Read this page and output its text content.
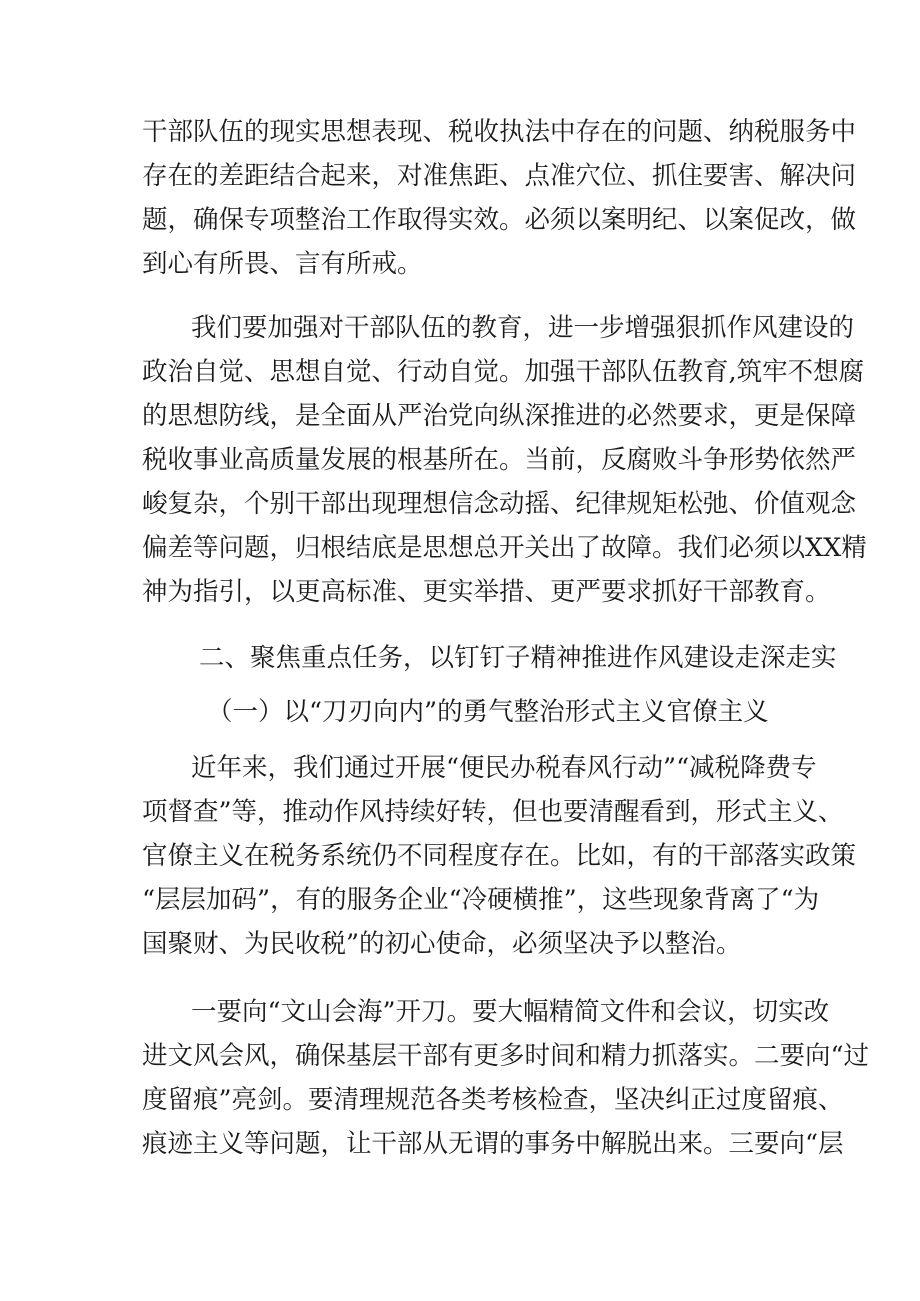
干部队伍的现实思想表现、税收执法中存在的问题、纳税服务中
存在的差距结合起来，对准焦距、点准穴位、抓住要害、解决问
题，确保专项整治工作取得实效。必须以案明纪、以案促改，做
到心有所畏、言有所戒。
我们要加强对干部队伍的教育，进一步增强狠抓作风建设的
政治自觉、思想自觉、行动自觉。加强干部队伍教育,筑牢不想腐
的思想防线，是全面从严治党向纵深推进的必然要求，更是保障
税收事业高质量发展的根基所在。当前，反腐败斗争形势依然严
峻复杂，个别干部出现理想信念动摇、纪律规矩松弛、价值观念
偏差等问题，归根结底是思想总开关出了故障。我们必须以XX精
神为指引，以更高标准、更实举措、更严要求抓好干部教育。
二、聚焦重点任务，以钉钉子精神推进作风建设走深走实
（一）以“刀刃向内”的勇气整治形式主义官僚主义
近年来，我们通过开展“便民办税春风行动”“减税降费专
项督查”等，推动作风持续好转，但也要清醒看到，形式主义、
官僚主义在税务系统仍不同程度存在。比如，有的干部落实政策
“层层加码”，有的服务企业“冷硬横推”，这些现象背离了“为
国聚财、为民收税”的初心使命，必须坚决予以整治。
一要向“文山会海”开刀。要大幅精简文件和会议，切实改
进文风会风，确保基层干部有更多时间和精力抓落实。二要向“过
度留痕”亮剑。要清理规范各类考核检查，坚决纠正过度留痕、
痕迹主义等问题，让干部从无谓的事务中解脱出来。三要向“层
